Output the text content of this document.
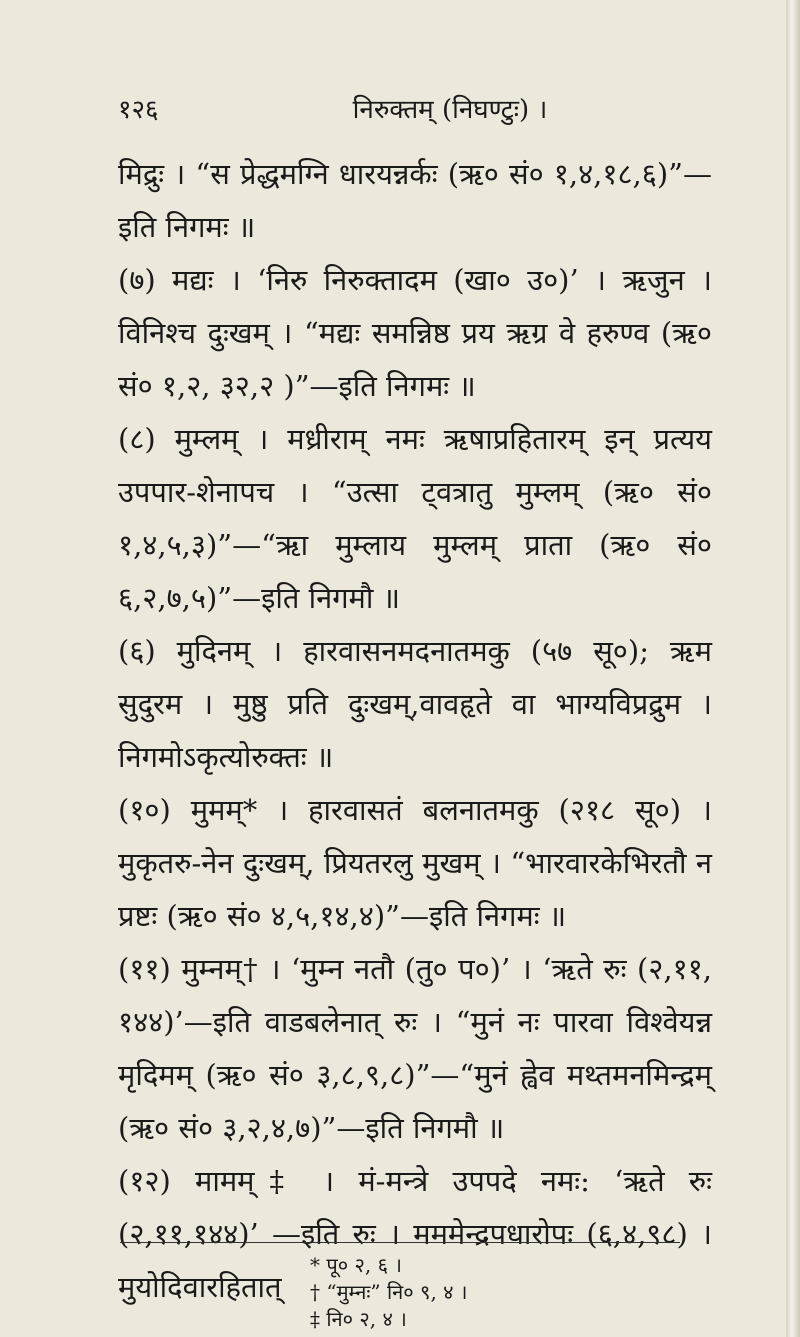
१२६	निरुक्तम् (निघण्टुः) ।

मिद्रुः । “स प्रेद्धमग्नि धारयन्नर्कः (ऋ० सं० १,४,१८,६)”— इति निगमः ॥

(७) मद्यः । ‘निरु निरुक्तादम (खा० उ०)’ । ऋजुन । विनिश्च दुःखम् । “मद्यः समन्निष्ठ प्रय ऋग्र वे हरुण्व (ऋ० सं० १,२, ३२,२ )”—इति निगमः ॥

(८) मुम्लम् । मध्रीराम् नमः ऋषाप्रहितारम् इन् प्रत्यय उपपार-शेनापच । “उत्सा ट्वत्रातु मुम्लम् (ऋ० सं० १,४,५,३)”—“ऋा मुम्लाय मुम्लम् प्राता (ऋ० सं० ६,२,७,५)”—इति निगमौ ॥

(६) मुदिनम् । हारवासनमदनातमकु (५७ सू०); ऋम सुदुरम । मुष्ठु प्रति दुःखम्,वावहृते वा भाग्यविप्रद्रुम । निगमोऽकृत्योरुक्तः ॥

(१०) मुमम्* । हारवासतं बलनातमकु (२१८ सू०) । मुकृतरु-नेन दुःखम्, प्रियतरलु मुखम् । “भारवारकेभिरतौ न प्रष्टः (ऋ० सं० ४,५,१४,४)”—इति निगमः ॥

(११) मुम्नम्† । ‘मुम्न नतौ (तु० प०)’ । ‘ऋते रुः (२,११, १४४)’—इति वाडबलेनात् रुः । “मुनं नः पारवा विश्वेयन्न मृदिमम् (ऋ० सं० ३,८,९,८)”—“मुनं ह्वेव मथ्तमनमिन्द्रम् (ऋ० सं० ३,२,४,७)”—इति निगमौ ॥

(१२) मामम्‡ । मं-मन्त्रे उपपदे नमः: ‘ऋते रुः (२,११,१४४)’ —इति रुः । मममेन्द्रपधारोपः (६,४,९८) । मुयोदिवारहितात्

* पू० २, ६ ।
† “मुम्नः” नि० ९, ४ ।
‡ नि० २, ४ ।
